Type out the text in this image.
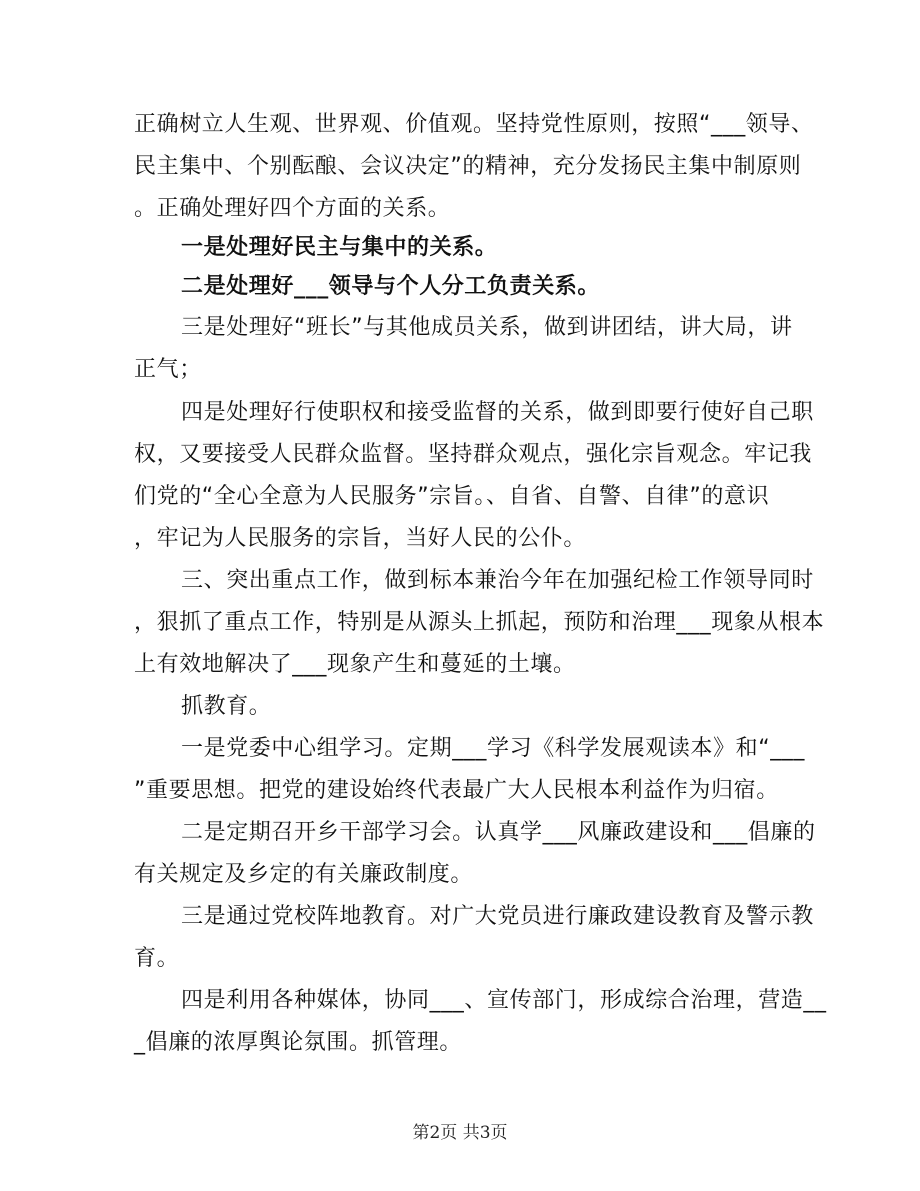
正确树立人生观、世界观、价值观。坚持党性原则，按照“___领导、
民主集中、个别酝酿、会议决定”的精神，充分发扬民主集中制原则
。正确处理好四个方面的关系。
一是处理好民主与集中的关系。
二是处理好___领导与个人分工负责关系。
三是处理好“班长”与其他成员关系，做到讲团结，讲大局，讲
正气；
四是处理好行使职权和接受监督的关系，做到即要行使好自己职
权，又要接受人民群众监督。坚持群众观点，强化宗旨观念。牢记我
们党的“全心全意为人民服务”宗旨。、自省、自警、自律”的意识
，牢记为人民服务的宗旨，当好人民的公仆。
三、突出重点工作，做到标本兼治今年在加强纪检工作领导同时
，狠抓了重点工作，特别是从源头上抓起，预防和治理___现象从根本
上有效地解决了___现象产生和蔓延的土壤。
抓教育。
一是党委中心组学习。定期___学习《科学发展观读本》和“___
”重要思想。把党的建设始终代表最广大人民根本利益作为归宿。
二是定期召开乡干部学习会。认真学___风廉政建设和___倡廉的
有关规定及乡定的有关廉政制度。
三是通过党校阵地教育。对广大党员进行廉政建设教育及警示教
育。
四是利用各种媒体，协同___、宣传部门，形成综合治理，营造__
_倡廉的浓厚舆论氛围。抓管理。
第2页 共3页
